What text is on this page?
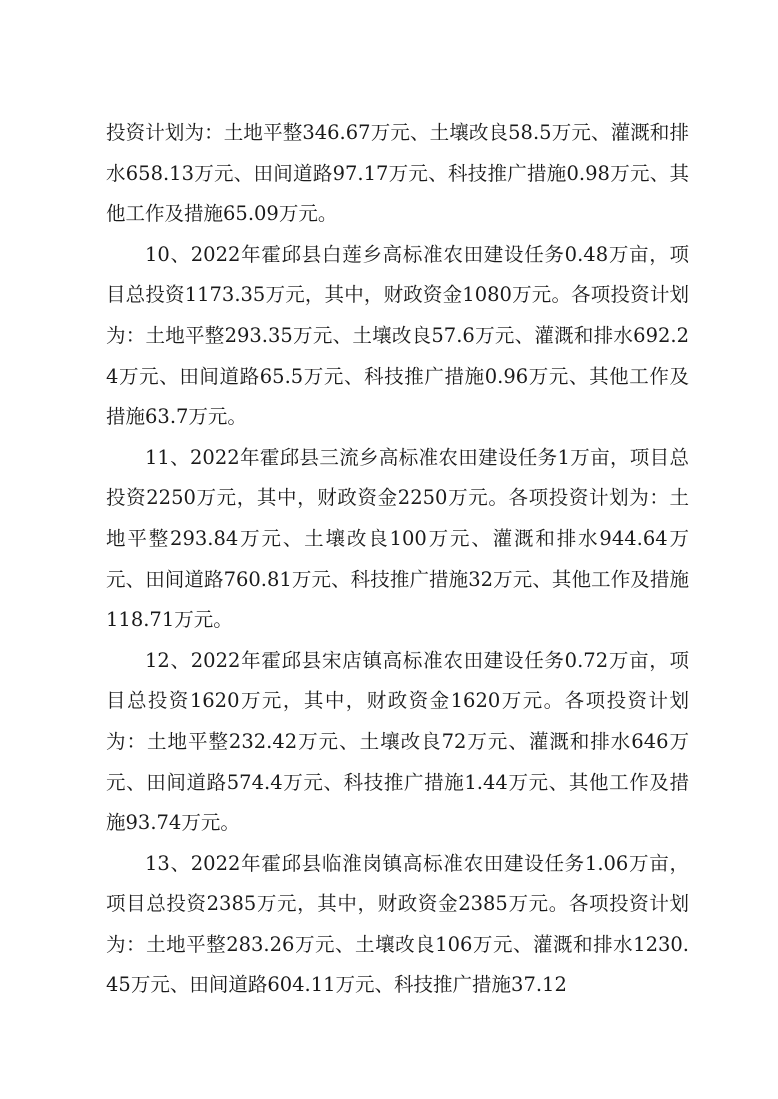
投资计划为：土地平整346.67万元、土壤改良58.5万元、灌溉和排水658.13万元、田间道路97.17万元、科技推广措施0.98万元、其他工作及措施65.09万元。

10、2022年霍邱县白莲乡高标准农田建设任务0.48万亩，项目总投资1173.35万元，其中，财政资金1080万元。各项投资计划为：土地平整293.35万元、土壤改良57.6万元、灌溉和排水692.24万元、田间道路65.5万元、科技推广措施0.96万元、其他工作及措施63.7万元。

11、2022年霍邱县三流乡高标准农田建设任务1万亩，项目总投资2250万元，其中，财政资金2250万元。各项投资计划为：土地平整293.84万元、土壤改良100万元、灌溉和排水944.64万元、田间道路760.81万元、科技推广措施32万元、其他工作及措施118.71万元。

12、2022年霍邱县宋店镇高标准农田建设任务0.72万亩，项目总投资1620万元，其中，财政资金1620万元。各项投资计划为：土地平整232.42万元、土壤改良72万元、灌溉和排水646万元、田间道路574.4万元、科技推广措施1.44万元、其他工作及措施93.74万元。

13、2022年霍邱县临淮岗镇高标准农田建设任务1.06万亩，项目总投资2385万元，其中，财政资金2385万元。各项投资计划为：土地平整283.26万元、土壤改良106万元、灌溉和排水1230.45万元、田间道路604.11万元、科技推广措施37.12
